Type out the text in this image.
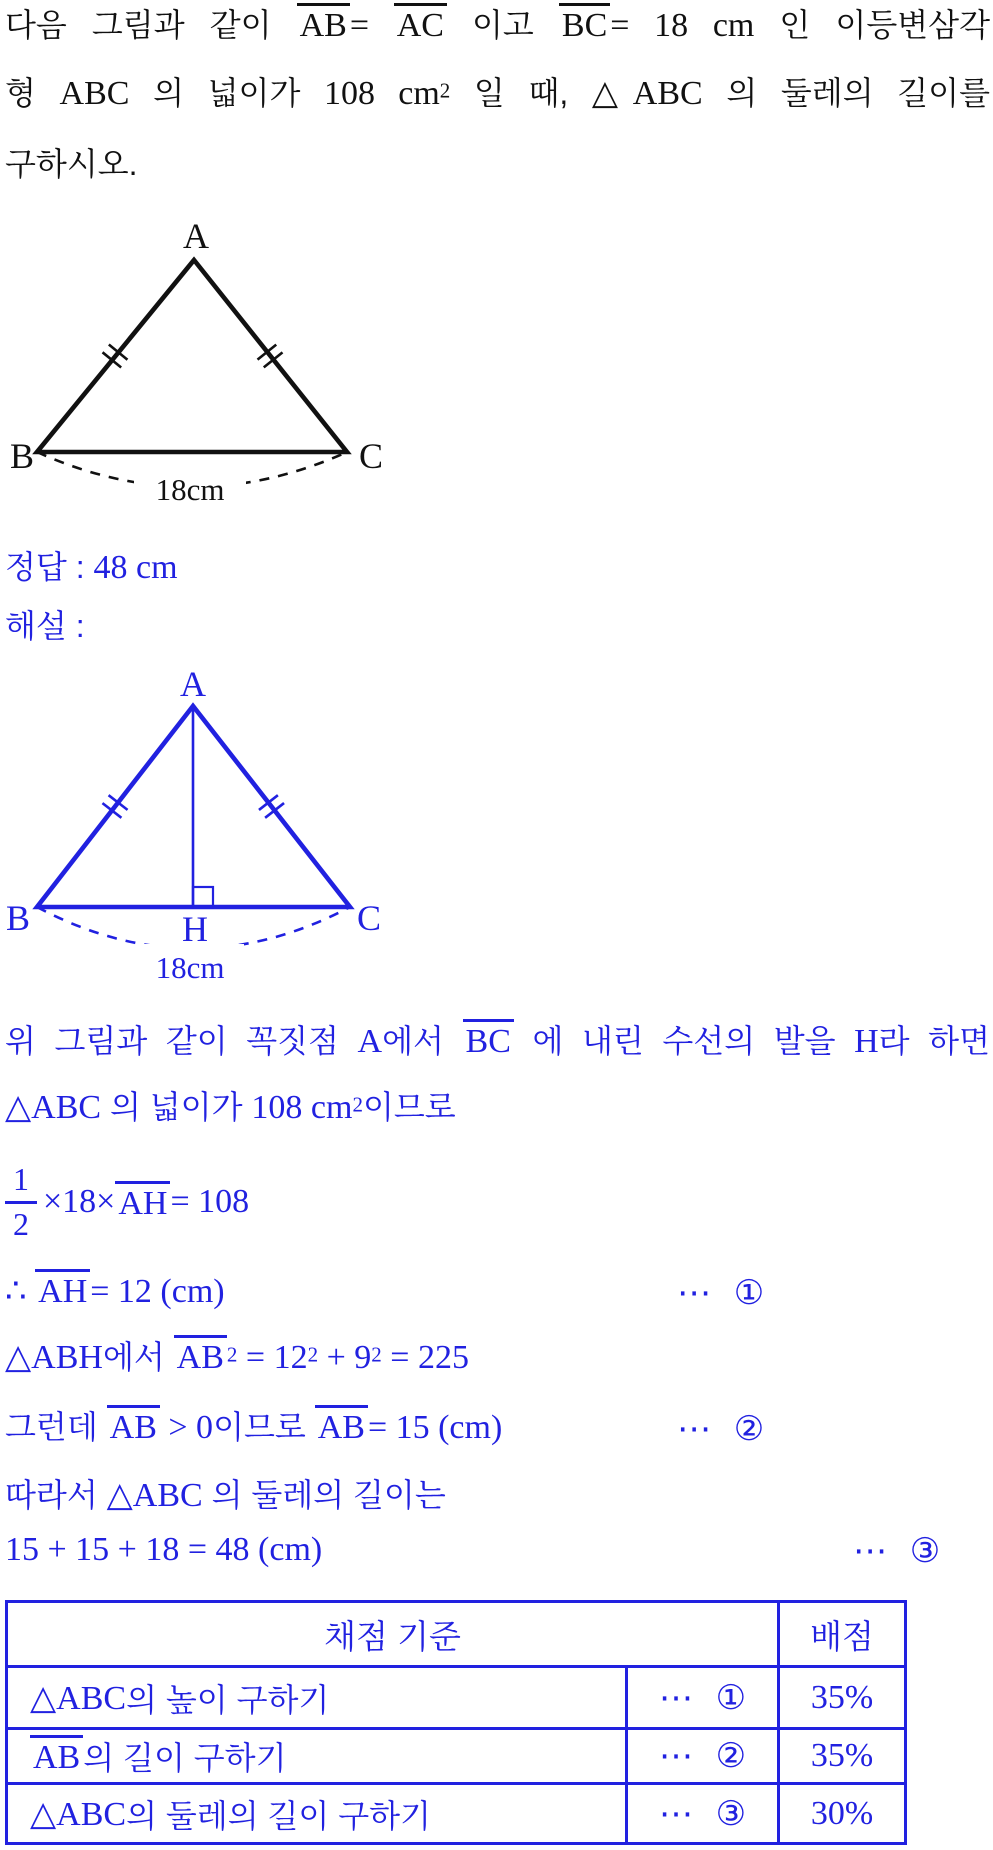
다음 그림과 같이 AB= AC 이고 BC= 18 cm 인 이등변삼각
형 ABC 의 넓이가 108 $cm^2$ 일 때, △ABC 의 둘레의 길이를
구하시오.
A
B	C
18cm
정답 : 48 cm
해설 :
A
B	C
H
18cm
위 그림과 같이 꼭짓점 A에서 BC 에 내린 수선의 발을 H라 하면
△ABC 의 넓이가 108 $cm^2$이므로
$\frac{1}{2} \times 18\times$ AH = 108
∴ AH= 12 (cm)	⋯ ①
△ABH에서 AB $^2 = 12^2 + 9^2 = 225$
그런데 AB > 0이므로 AB= 15 (cm)	⋯ ②
따라서 △ABC 의 둘레의 길이는
15 + 15 + 18 = 48 (cm)	⋯ ③
채점 기준	배점
△ABC 의 높이 구하기	⋯ ①	35%
AB 의 길이 구하기	⋯ ②	35%
△ABC 의 둘레의 길이 구하기	⋯ ③	30%
